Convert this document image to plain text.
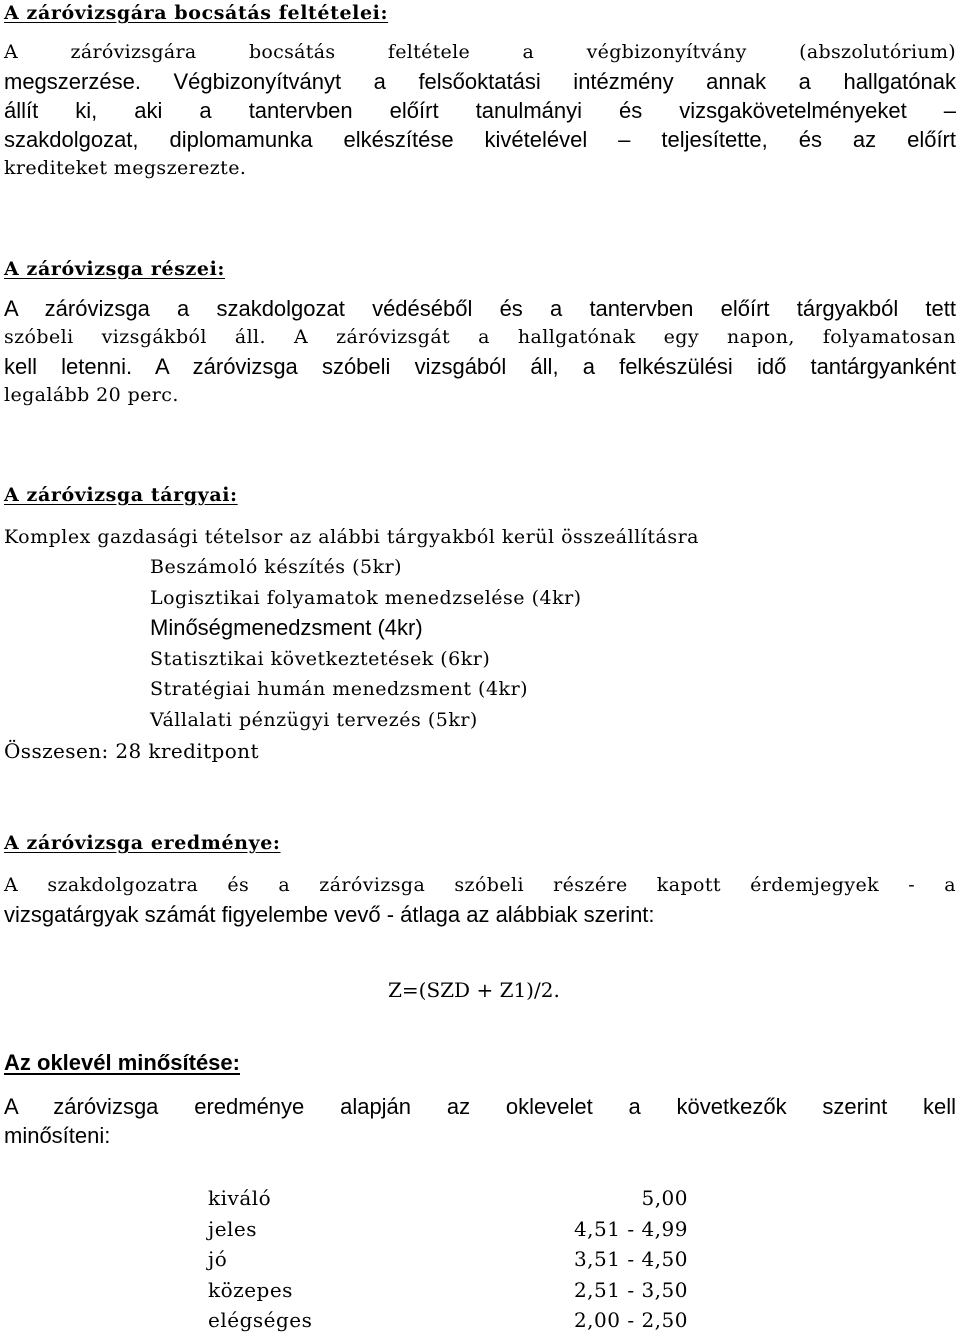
A záróvizsgára bocsátás feltételei:
A záróvizsgára bocsátás feltétele a végbizonyítvány (abszolutórium)
megszerzése. Végbizonyítványt a felsőoktatási intézmény annak a hallgatónak
állít ki, aki a tantervben előírt tanulmányi és vizsgakövetelményeket –
szakdolgozat, diplomamunka elkészítése kivételével – teljesítette, és az előírt
krediteket megszerezte.
A záróvizsga részei:
A záróvizsga a szakdolgozat védéséből és a tantervben előírt tárgyakból tett
szóbeli vizsgákból áll. A záróvizsgát a hallgatónak egy napon, folyamatosan
kell letenni. A záróvizsga szóbeli vizsgából áll, a felkészülési idő tantárgyanként
legalább 20 perc.
A záróvizsga tárgyai:
Komplex gazdasági tételsor az alábbi tárgyakból kerül összeállításra
Beszámoló készítés (5kr)
Logisztikai folyamatok menedzselése (4kr)
Minőségmenedzsment (4kr)
Statisztikai következtetések (6kr)
Stratégiai humán menedzsment (4kr)
Vállalati pénzügyi tervezés (5kr)
Összesen: 28 kreditpont
A záróvizsga eredménye:
A szakdolgozatra és a záróvizsga szóbeli részére kapott érdemjegyek - a
vizsgatárgyak számát figyelembe vevő - átlaga az alábbiak szerint:
Z=(SZD + Z1)/2.
Az oklevél minősítése:
A záróvizsga eredménye alapján az oklevelet a következők szerint kell
minősíteni:
kiváló	5,00
jeles	4,51 - 4,99
jó	3,51 - 4,50
közepes	2,51 - 3,50
elégséges	2,00 - 2,50
